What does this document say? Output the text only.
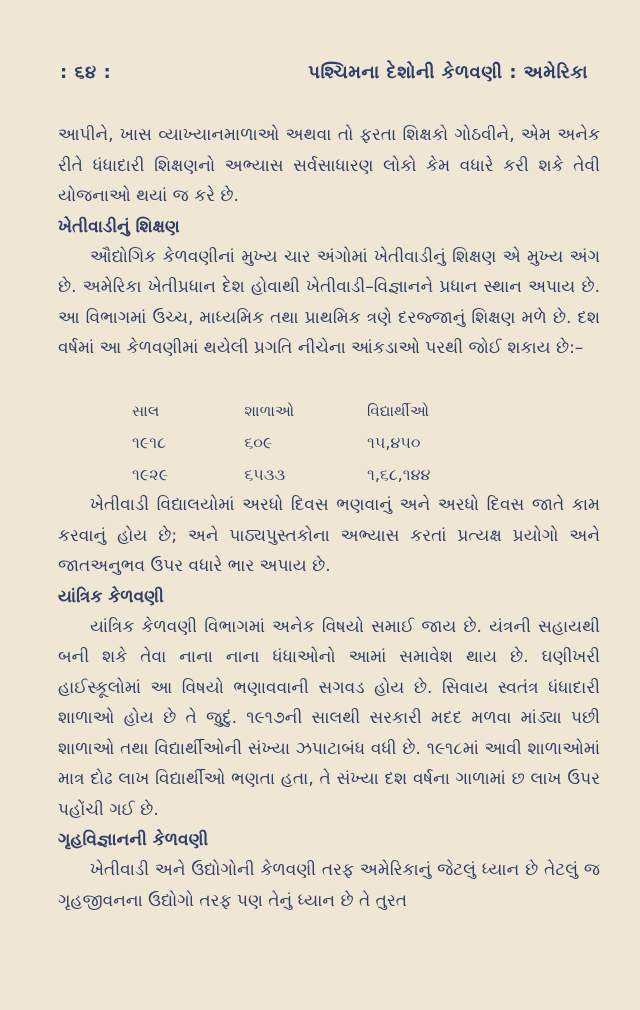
: ૬૪ :	પશ્ચિમના દેશોની કેળવણી : અમેરિકા

આપીને, ખાસ વ્યાખ્યાનમાળાઓ અથવા તો ફરતા શિક્ષકો ગોઠવીને, એમ અનેક રીતે ધંધાદારી શિક્ષણનો અભ્યાસ સર્વસાધારણ લોકો કેમ વધારે કરી શકે તેવી યોજનાઓ થયાં જ કરે છે.

ખેતીવાડીનું શિક્ષણ

ઔદ્યોગિક કેળવણીનાં મુખ્ય ચાર અંગોમાં ખેતીવાડીનું શિક્ષણ એ મુખ્ય અંગ છે. અમેરિકા ખેતીપ્રધાન દેશ હોવાથી ખેતીવાડી–વિજ્ઞાનને પ્રધાન સ્થાન અપાય છે. આ વિભાગમાં ઉચ્ચ, માધ્યમિક તથા પ્રાથમિક ત્રણે દરજ્જાનું શિક્ષણ મળે છે. દશ વર્ષમાં આ કેળવણીમાં થયેલી પ્રગતિ નીચેના આંકડાઓ પરથી જોઈ શકાય છે:–

સાલ	શાળાઓ	વિદ્યાર્થીઓ
૧૯૧૮	૬૦૯	૧૫,૪૫૦
૧૯૨૯	૬૫૩૩	૧,૬૮,૧૪૪

ખેતીવાડી વિદ્યાલયોમાં અરધો દિવસ ભણવાનું અને અરધો દિવસ જાતે કામ કરવાનું હોય છે; અને પાઠ્યપુસ્તકોના અભ્યાસ કરતાં પ્રત્યક્ષ પ્રયોગો અને જાતઅનુભવ ઉપર વધારે ભાર અપાય છે.

યાંત્રિક કેળવણી

યાંત્રિક કેળવણી વિભાગમાં અનેક વિષયો સમાઈ જાય છે. યંત્રની સહાયથી બની શકે તેવા નાના નાના ધંધાઓનો આમાં સમાવેશ થાય છે. ઘણીખરી હાઈસ્કૂલોમાં આ વિષયો ભણાવવાની સગવડ હોય છે. સિવાય સ્વતંત્ર ધંધાદારી શાળાઓ હોય છે તે જુદું. ૧૯૧૭ની સાલથી સરકારી મદદ મળવા માંડ્યા પછી શાળાઓ તથા વિદ્યાર્થીઓની સંખ્યા ઝપાટાબંધ વધી છે. ૧૯૧૮માં આવી શાળાઓમાં માત્ર દોઢ લાખ વિદ્યાર્થીઓ ભણતા હતા, તે સંખ્યા દશ વર્ષના ગાળામાં છ લાખ ઉપર પહોંચી ગઈ છે.

ગૃહવિજ્ઞાનની કેળવણી

ખેતીવાડી અને ઉદ્યોગોની કેળવણી તરફ અમેરિકાનું જેટલું ધ્યાન છે તેટલું જ ગૃહજીવનના ઉદ્યોગો તરફ પણ તેનું ધ્યાન છે તે તુરત
